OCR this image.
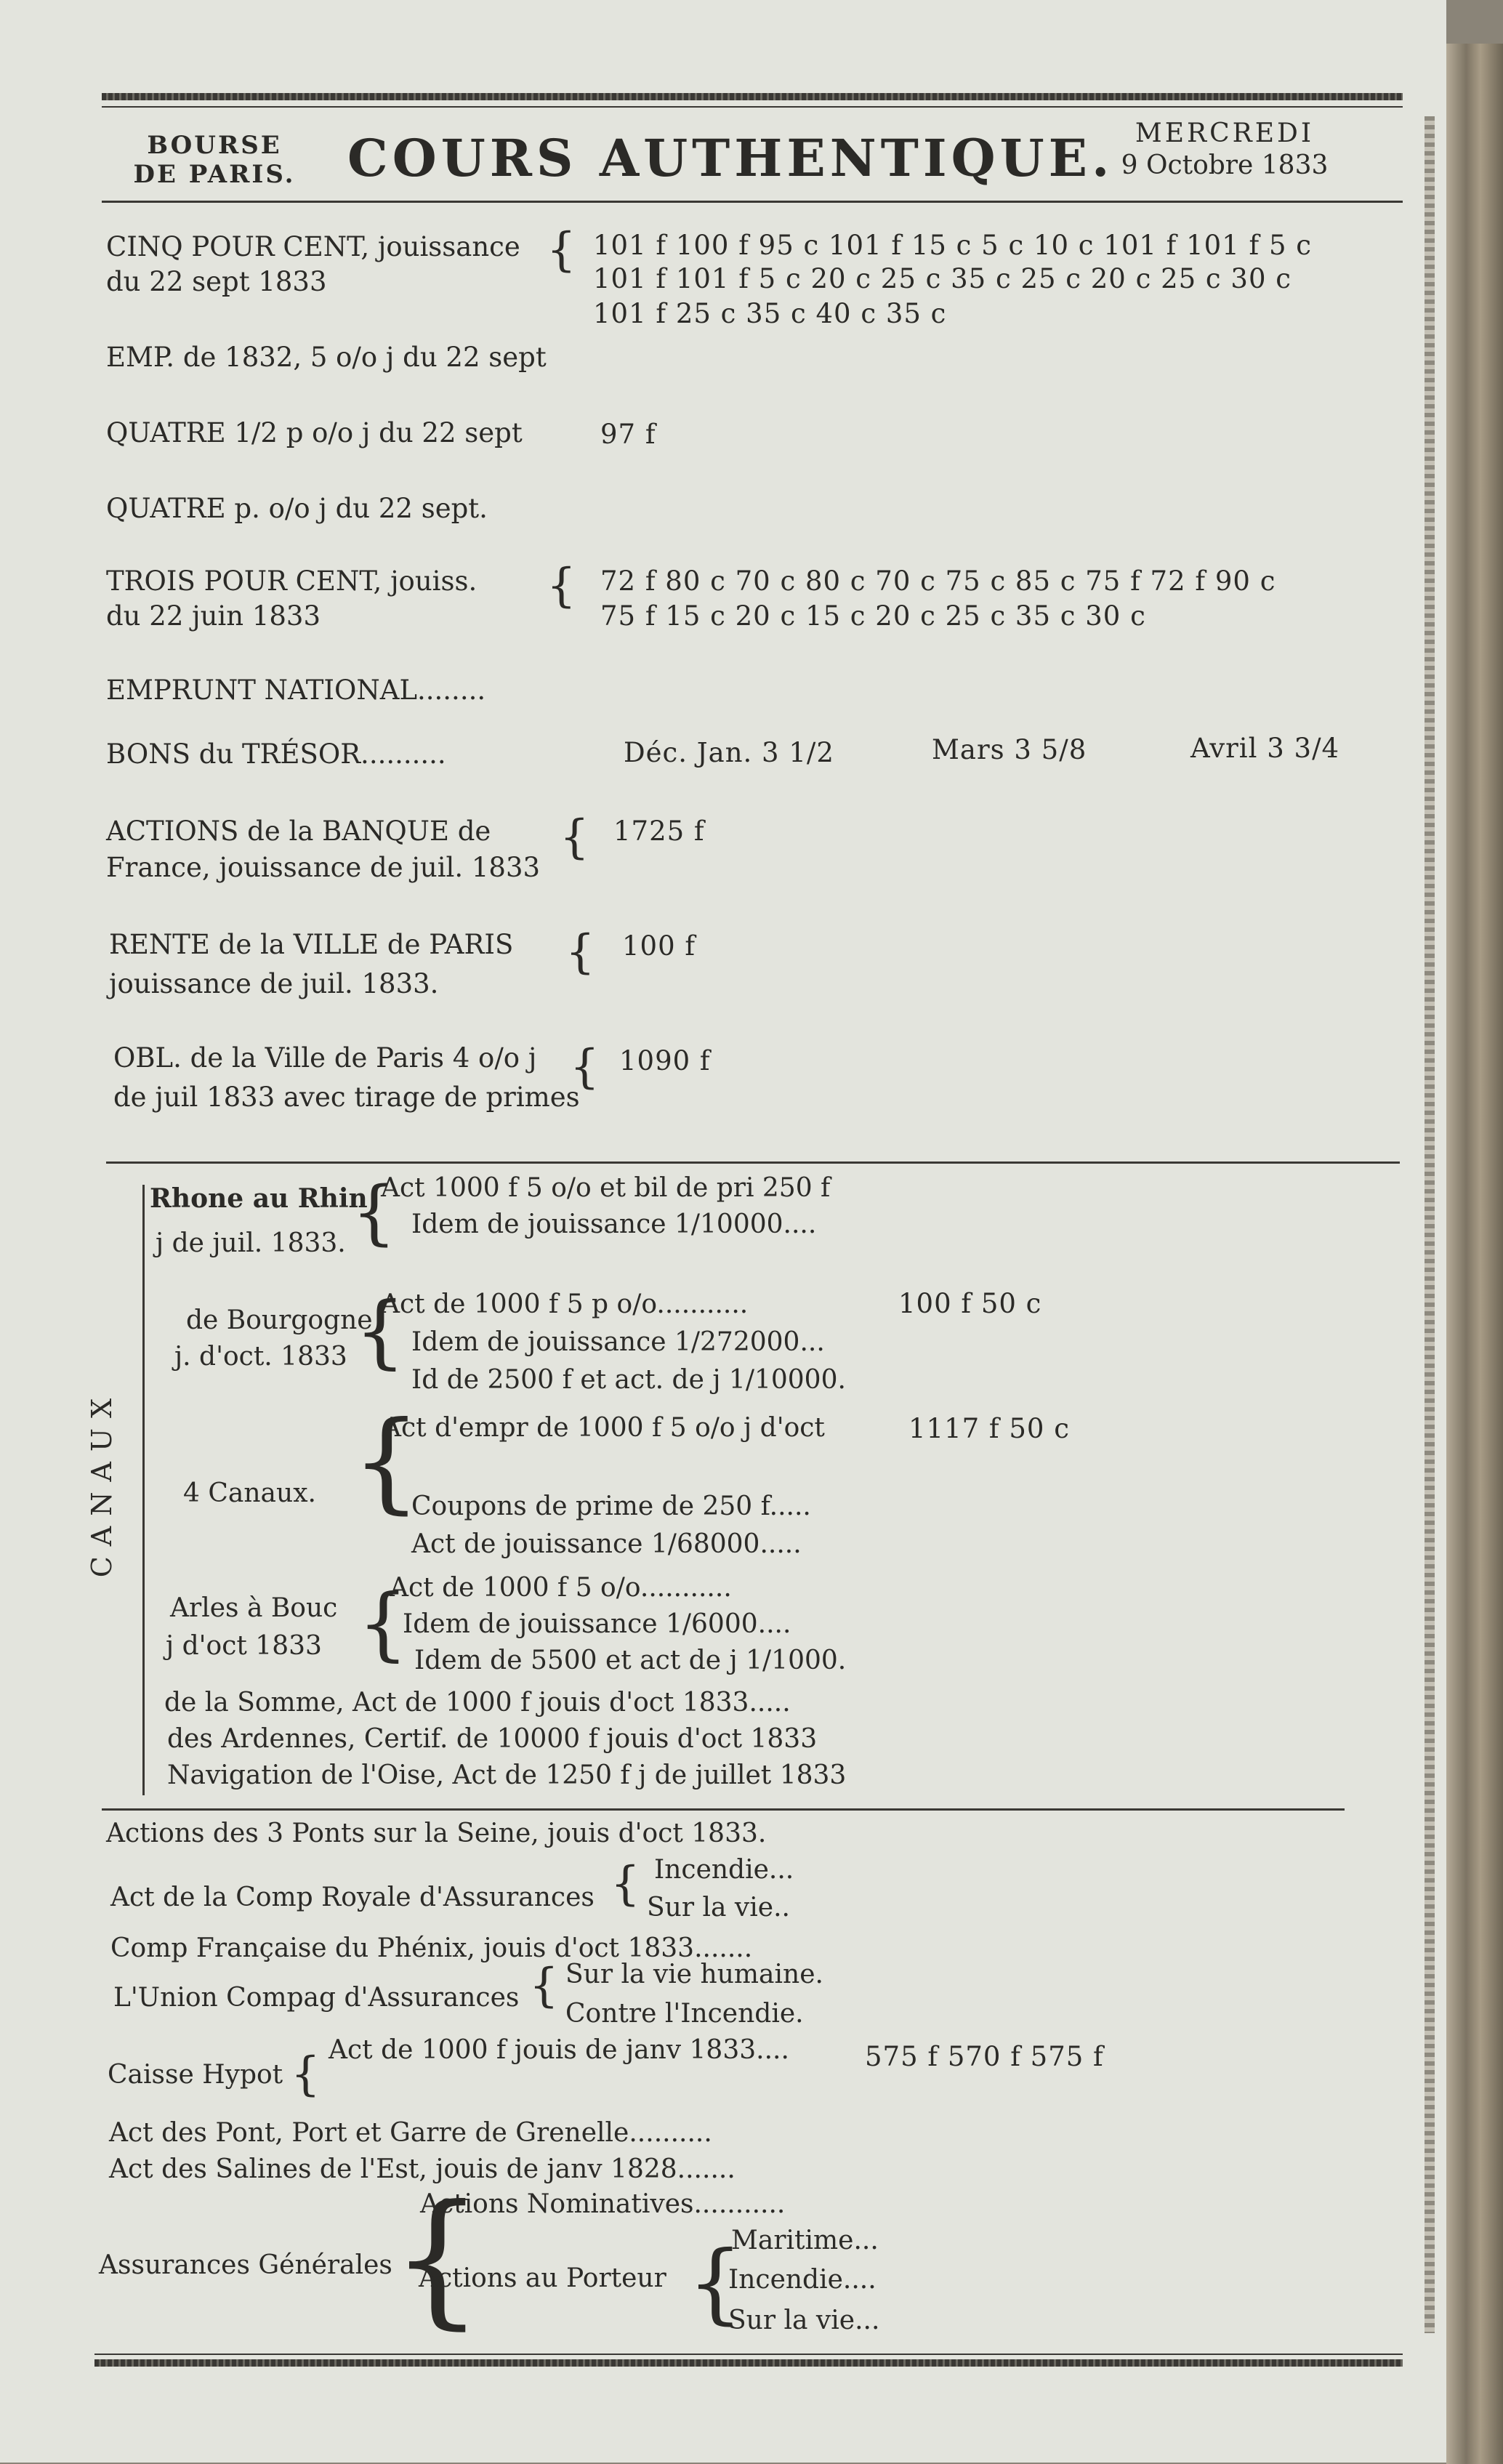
BOURSE
DE PARIS.	COURS AUTHENTIQUE. MERCREDI
9 Octobre 1833
CINQ POUR CENT, jouissance
du 22 sept 1833
{ 101 f 100 f 95 c 101 f 15 c 5 c 10 c 101 f 101 f 5 c
101 f 101 f 5 c 20 c 25 c 35 c 25 c 20 c 25 c 30 c
101 f 25 c 35 c 40 c 35 c
EMP. de 1832, 5 o/o j du 22 sept
QUATRE 1/2 p o/o j du 22 sept	97 f
QUATRE p. o/o j du 22 sept.
TROIS POUR CENT, jouiss.
du 22 juin 1833
{ 72 f 80 c 70 c 80 c 70 c 75 c 85 c 75 f 72 f 90 c
75 f 15 c 20 c 15 c 20 c 25 c 35 c 30 c
EMPRUNT NATIONAL........
BONS du TRÉSOR..........	Déc. Jan. 3 1/2	Mars 3 5/8	Avril 3 3/4
ACTIONS de la BANQUE de
France, jouissance de juil. 1833
{ 1725 f
RENTE de la VILLE de PARIS
jouissance de juil. 1833.
{ 100 f
OBL. de la Ville de Paris 4 o/o j
de juil 1833 avec tirage de primes
{ 1090 f
CANAUX
Rhone au Rhin
j de juil. 1833. {
Act 1000 f 5 o/o et bil de pri 250 f
Idem de jouissance 1/10000....
de Bourgogne
j. d'oct. 1833 {
Act de 1000 f 5 p o/o...........	100 f 50 c
Idem de jouissance 1/272000...
Id de 2500 f et act. de j 1/10000.
4 Canaux. {
Act d'empr de 1000 f 5 o/o j d'oct	1117 f 50 c
Coupons de prime de 250 f.....
Act de jouissance 1/68000.....
Arles à Bouc
j d'oct 1833 {
Act de 1000 f 5 o/o...........
Idem de jouissance 1/6000....
Idem de 5500 et act de j 1/1000.
de la Somme, Act de 1000 f jouis d'oct 1833.....
des Ardennes, Certif. de 10000 f jouis d'oct 1833
Navigation de l'Oise, Act de 1250 f j de juillet 1833
Actions des 3 Ponts sur la Seine, jouis d'oct 1833.
Act de la Comp Royale d'Assurances { Incendie...
Sur la vie..
Comp Française du Phénix, jouis d'oct 1833.......
L'Union Compag d'Assurances { Sur la vie humaine.
Contre l'Incendie.
Caisse Hypot { Act de 1000 f jouis de janv 1833....	575 f 570 f 575 f
Act des Pont, Port et Garre de Grenelle..........
Act des Salines de l'Est, jouis de janv 1828.......
Assurances Générales
{
Actions Nominatives...........
Actions au Porteur {
Maritime...
Incendie....
Sur la vie...
